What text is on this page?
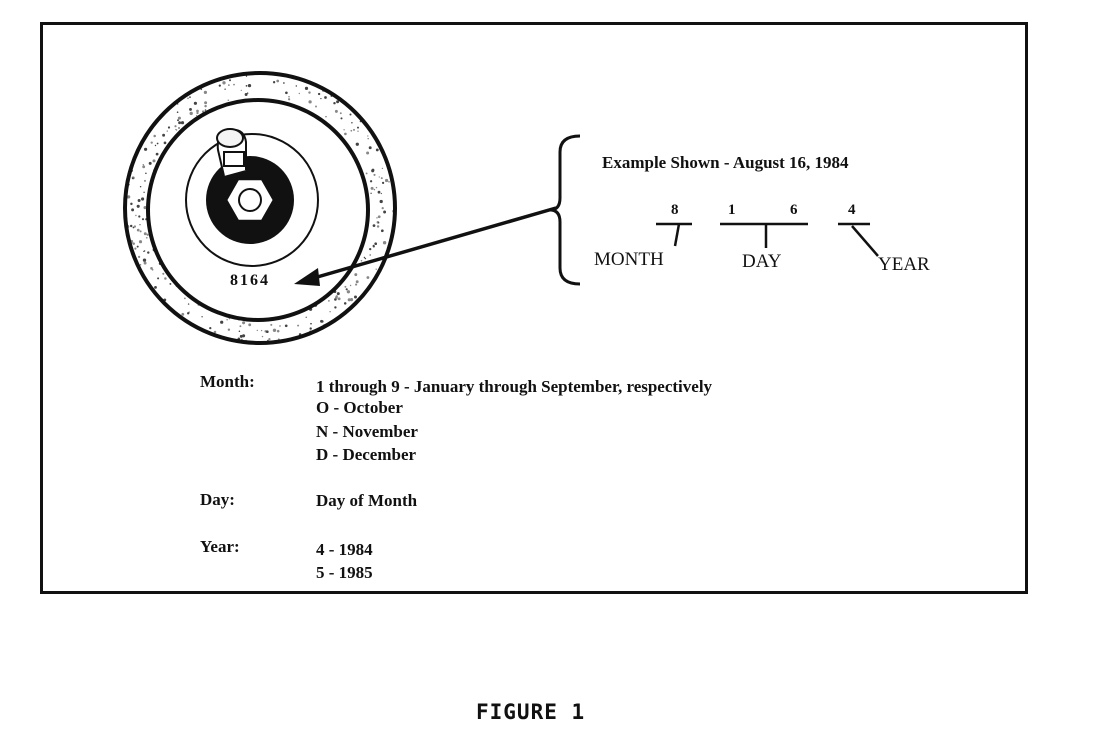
8164
Example Shown - August 16, 1984
8	1	6	4
MONTH	DAY	YEAR
Month:	1 through 9 - January through September, respectively
O - October
N - November
D - December
Day:	Day of Month
Year:	4 - 1984
5 - 1985
FIGURE 1
